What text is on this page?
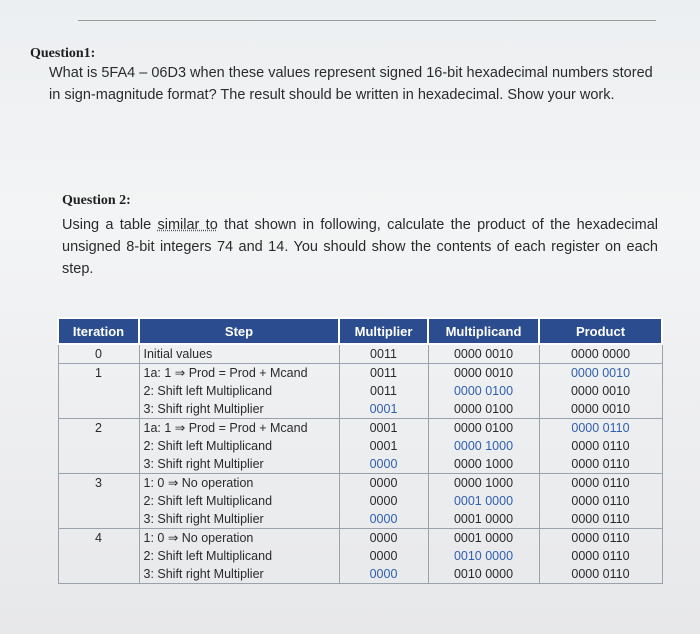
Question1:
What is 5FA4 – 06D3 when these values represent signed 16-bit hexadecimal numbers stored in sign-magnitude format? The result should be written in hexadecimal. Show your work.
Question 2:
Using a table similar to that shown in following, calculate the product of the hexadecimal unsigned 8-bit integers 74 and 14. You should show the contents of each register on each step.
Iteration	Step	Multiplier	Multiplicand	Product
0	Initial values	0011	0000 0010	0000 0000
1	1a: 1 ⇒ Prod = Prod + Mcand	0011	0000 0010	0000 0010
	2: Shift left Multiplicand	0011	0000 0100	0000 0010
	3: Shift right Multiplier	0001	0000 0100	0000 0010
2	1a: 1 ⇒ Prod = Prod + Mcand	0001	0000 0100	0000 0110
	2: Shift left Multiplicand	0001	0000 1000	0000 0110
	3: Shift right Multiplier	0000	0000 1000	0000 0110
3	1: 0 ⇒ No operation	0000	0000 1000	0000 0110
	2: Shift left Multiplicand	0000	0001 0000	0000 0110
	3: Shift right Multiplier	0000	0001 0000	0000 0110
4	1: 0 ⇒ No operation	0000	0001 0000	0000 0110
	2: Shift left Multiplicand	0000	0010 0000	0000 0110
	3: Shift right Multiplier	0000	0010 0000	0000 0110
